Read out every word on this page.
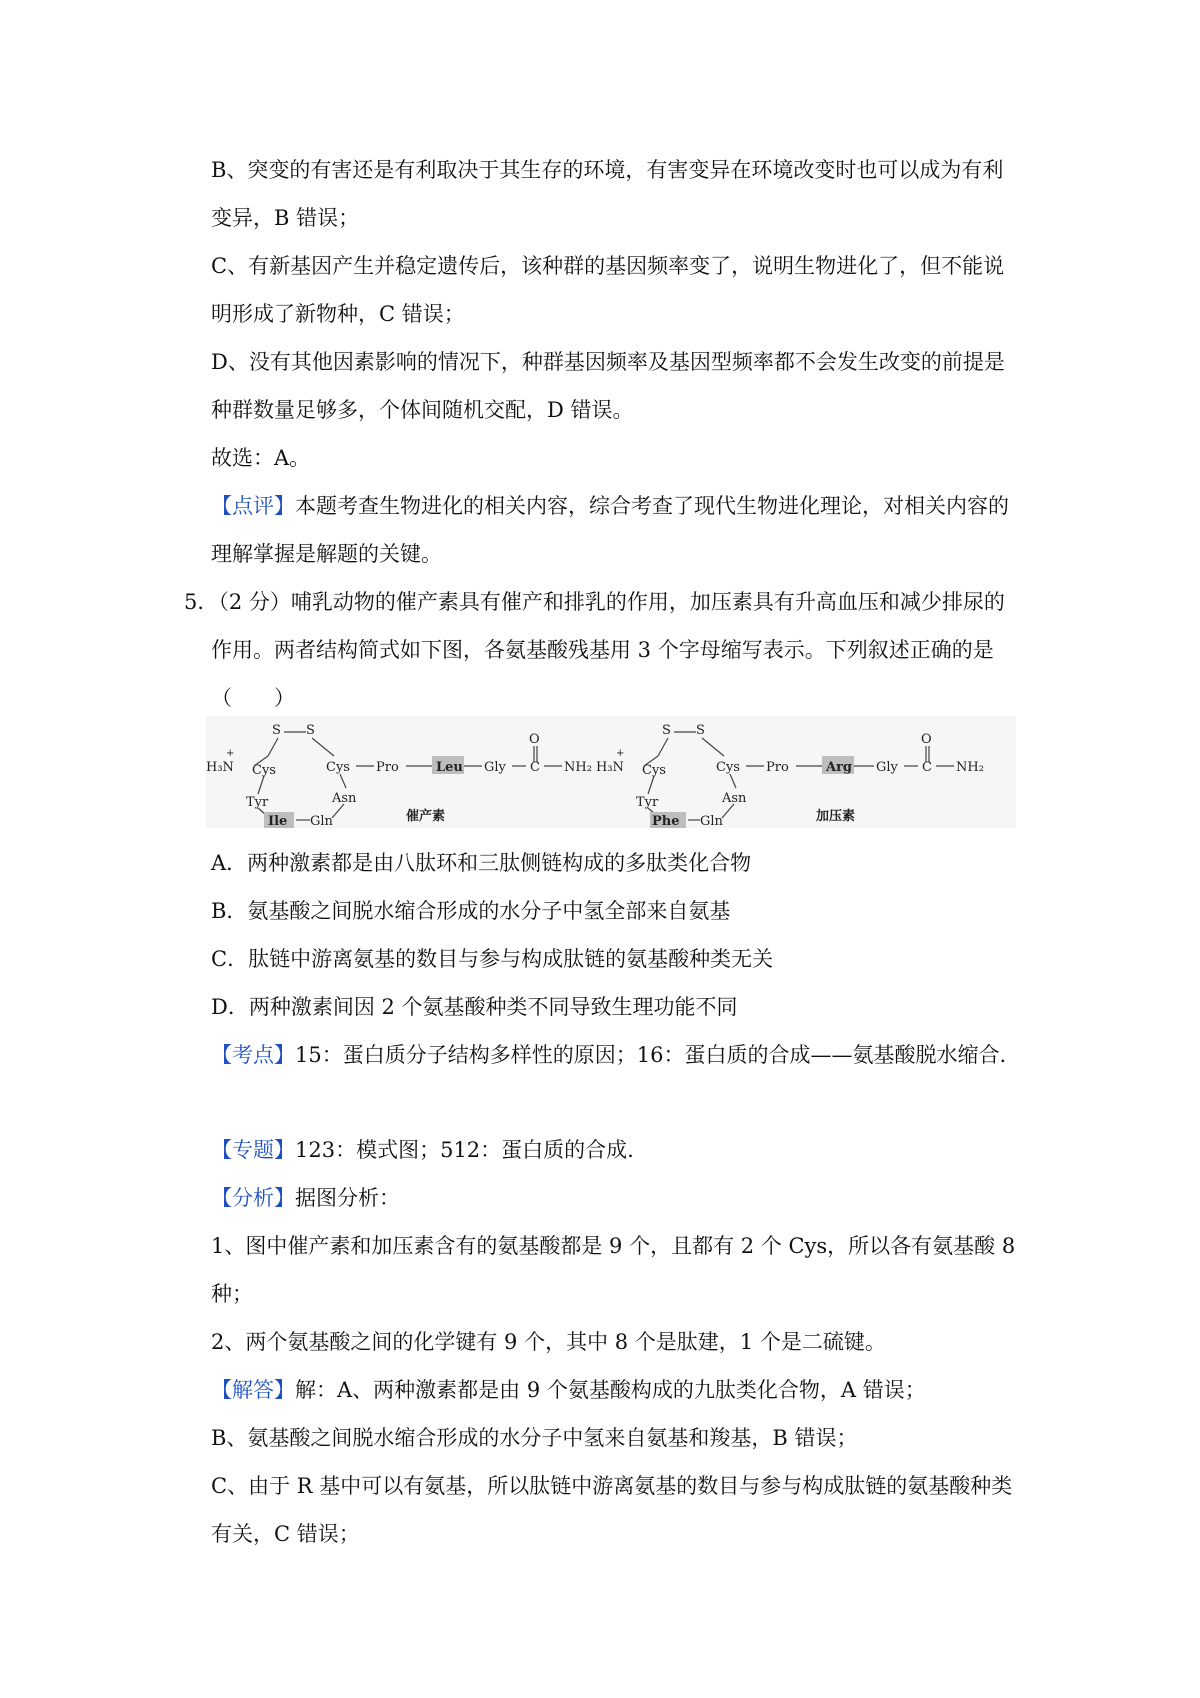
B、突变的有害还是有利取决于其生存的环境，有害变异在环境改变时也可以成为有利
变异，B 错误；
C、有新基因产生并稳定遗传后，该种群的基因频率变了，说明生物进化了，但不能说
明形成了新物种，C 错误；
D、没有其他因素影响的情况下，种群基因频率及基因型频率都不会发生改变的前提是
种群数量足够多，个体间随机交配，D 错误。
故选：A。
【点评】本题考查生物进化的相关内容，综合考查了现代生物进化理论，对相关内容的
理解掌握是解题的关键。
5．（2 分）哺乳动物的催产素具有催产和排乳的作用，加压素具有升高血压和减少排尿的
作用。两者结构简式如下图，各氨基酸残基用 3 个字母缩写表示。下列叙述正确的是
（　　）
H₃N
+
S S
Cys	Cys
Tyr	Asn
Ile Gln
Pro	Leu Gly
O
C NH₂
催产素
H₃N
+
S S
Cys	Cys
Tyr	Asn
Phe Gln
Pro	Arg Gly
O
C NH₂
加压素
A．两种激素都是由八肽环和三肽侧链构成的多肽类化合物
B．氨基酸之间脱水缩合形成的水分子中氢全部来自氨基
C．肽链中游离氨基的数目与参与构成肽链的氨基酸种类无关
D．两种激素间因 2 个氨基酸种类不同导致生理功能不同
【考点】15：蛋白质分子结构多样性的原因；16：蛋白质的合成——氨基酸脱水缩合.
【专题】123：模式图；512：蛋白质的合成.
【分析】据图分析：
1、图中催产素和加压素含有的氨基酸都是 9 个，且都有 2 个 Cys，所以各有氨基酸 8
种；
2、两个氨基酸之间的化学键有 9 个，其中 8 个是肽建，1 个是二硫键。
【解答】解：A、两种激素都是由 9 个氨基酸构成的九肽类化合物，A 错误；
B、氨基酸之间脱水缩合形成的水分子中氢来自氨基和羧基，B 错误；
C、由于 R 基中可以有氨基，所以肽链中游离氨基的数目与参与构成肽链的氨基酸种类
有关，C 错误；
